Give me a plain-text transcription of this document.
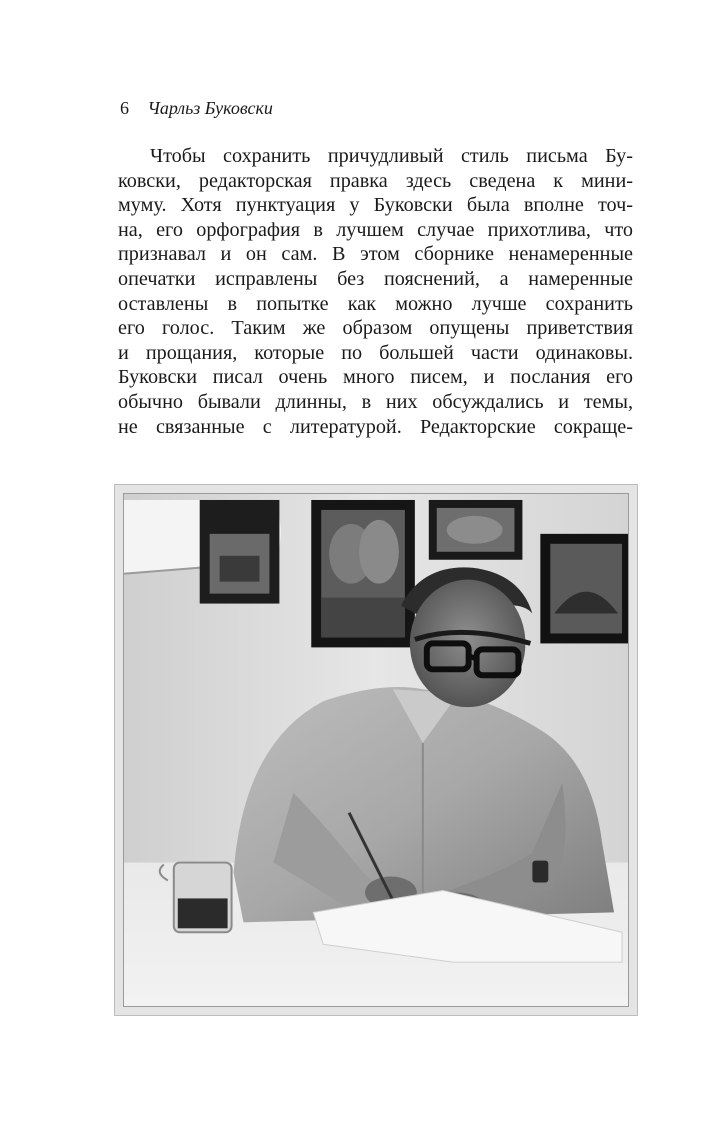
6 Чарльз Буковски
Чтобы сохранить причудливый стиль письма Бу-
ковски, редакторская правка здесь сведена к мини-
муму. Хотя пунктуация у Буковски была вполне точ-
на, его орфография в лучшем случае прихотлива, что
признавал и он сам. В этом сборнике ненамеренные
опечатки исправлены без пояснений, а намеренные
оставлены в попытке как можно лучше сохранить
его голос. Таким же образом опущены приветствия
и прощания, которые по большей части одинаковы.
Буковски писал очень много писем, и послания его
обычно бывали длинны, в них обсуждались и темы,
не связанные с литературой. Редакторские сокраще-
